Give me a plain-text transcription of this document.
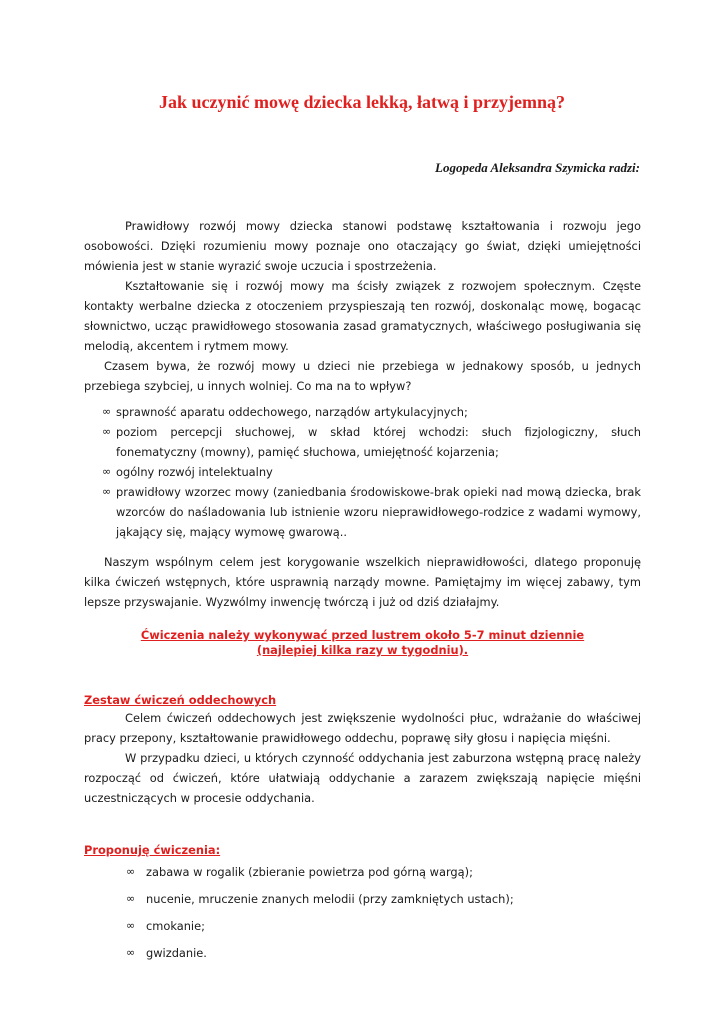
Jak uczynić mowę dziecka lekką, łatwą i przyjemną?

Logopeda Aleksandra Szymicka radzi:

Prawidłowy rozwój mowy dziecka stanowi podstawę kształtowania i rozwoju jego osobowości. Dzięki rozumieniu mowy poznaje ono otaczający go świat, dzięki umiejętności mówienia jest w stanie wyrazić swoje uczucia i spostrzeżenia.

Kształtowanie się i rozwój mowy ma ścisły związek z rozwojem społecznym. Częste kontakty werbalne dziecka z otoczeniem przyspieszają ten rozwój, doskonaląc mowę, bogacąc słownictwo, ucząc prawidłowego stosowania zasad gramatycznych, właściwego posługiwania się melodią, akcentem i rytmem mowy.

Czasem bywa, że rozwój mowy u dzieci nie przebiega w jednakowy sposób, u jednych przebiega szybciej, u innych wolniej. Co ma na to wpływ?

∞ sprawność aparatu oddechowego, narządów artykulacyjnych;
∞ poziom percepcji słuchowej, w skład której wchodzi: słuch fizjologiczny, słuch fonematyczny (mowny), pamięć słuchowa, umiejętność kojarzenia;
∞ ogólny rozwój intelektualny
∞ prawidłowy wzorzec mowy (zaniedbania środowiskowe-brak opieki nad mową dziecka, brak wzorców do naśladowania lub istnienie wzoru nieprawidłowego-rodzice z wadami wymowy, jąkający się, mający wymowę gwarową..

Naszym wspólnym celem jest korygowanie wszelkich nieprawidłowości, dlatego proponuję kilka ćwiczeń wstępnych, które usprawnią narządy mowne. Pamiętajmy im więcej zabawy, tym lepsze przyswajanie. Wyzwólmy inwencję twórczą i już od dziś działajmy.

Ćwiczenia należy wykonywać przed lustrem około 5-7 minut dziennie
(najlepiej kilka razy w tygodniu).

Zestaw ćwiczeń oddechowych

Celem ćwiczeń oddechowych jest zwiększenie wydolności płuc, wdrażanie do właściwej pracy przepony, kształtowanie prawidłowego oddechu, poprawę siły głosu i napięcia mięśni.

W przypadku dzieci, u których czynność oddychania jest zaburzona wstępną pracę należy rozpocząć od ćwiczeń, które ułatwiają oddychanie a zarazem zwiększają napięcie mięśni uczestniczących w procesie oddychania.

Proponuję ćwiczenia:

∞ zabawa w rogalik (zbieranie powietrza pod górną wargą);
∞ nucenie, mruczenie znanych melodii (przy zamkniętych ustach);
∞ cmokanie;
∞ gwizdanie.
